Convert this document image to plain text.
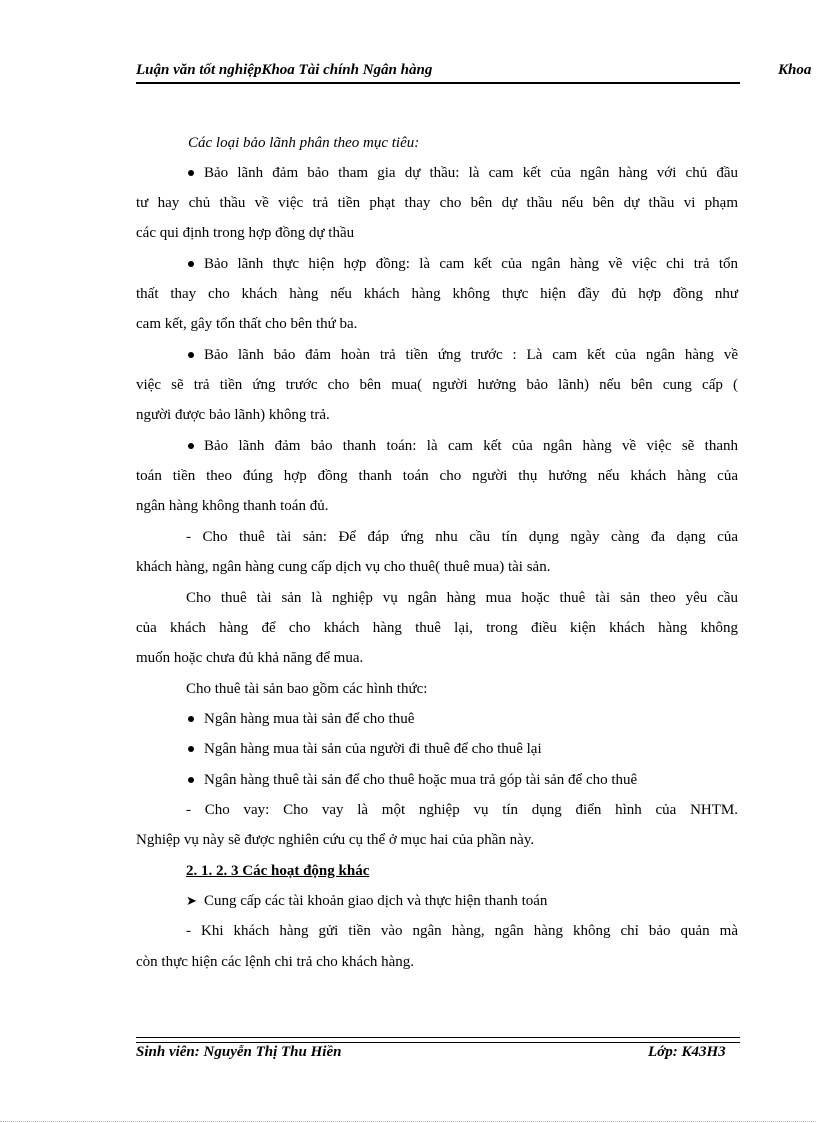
Luận văn tốt nghiệpKhoa Tài chính Ngân hàng	Khoa
Các loại bảo lãnh phân theo mục tiêu:
Bảo lãnh đảm bảo tham gia dự thầu: là cam kết của ngân hàng với chủ đầu
tư hay chủ thầu về việc trả tiền phạt thay cho bên dự thầu nếu bên dự thầu vi phạm
các qui định trong hợp đồng dự thầu
Bảo lãnh thực hiện hợp đồng: là cam kết của ngân hàng về việc chi trả tổn
thất thay cho khách hàng nếu khách hàng không thực hiện đầy đủ hợp đồng như
cam kết, gây tổn thất cho bên thứ ba.
Bảo lãnh bảo đảm hoàn trả tiền ứng trước : Là cam kết của ngân hàng về
việc sẽ trả tiền ứng trước cho bên mua( người hưởng bảo lãnh) nếu bên cung cấp (
người được bảo lãnh) không trả.
Bảo lãnh đảm bảo thanh toán: là cam kết của ngân hàng về việc sẽ thanh
toán tiền theo đúng hợp đồng thanh toán cho người thụ hưởng nếu khách hàng của
ngân hàng không thanh toán đủ.
- Cho thuê tài sản: Để đáp ứng nhu cầu tín dụng ngày càng đa dạng của
khách hàng, ngân hàng cung cấp dịch vụ cho thuê( thuê mua) tài sản.
Cho thuê tài sản là nghiệp vụ ngân hàng mua hoặc thuê tài sản theo yêu cầu
của khách hàng để cho khách hàng thuê lại, trong điều kiện khách hàng không
muốn hoặc chưa đủ khả năng để mua.
Cho thuê tài sản bao gồm các hình thức:
Ngân hàng mua tài sản để cho thuê
Ngân hàng mua tài sản của người đi thuê để cho thuê lại
Ngân hàng thuê tài sản để cho thuê hoặc mua trả góp tài sản để cho thuê
- Cho vay: Cho vay là một nghiệp vụ tín dụng điển hình của NHTM.
Nghiệp vụ này sẽ được nghiên cứu cụ thể ở mục hai của phần này.
2. 1. 2. 3 Các hoạt động khác
➤ Cung cấp các tài khoản giao dịch và thực hiện thanh toán
- Khi khách hàng gửi tiền vào ngân hàng, ngân hàng không chỉ bảo quản mà
còn thực hiện các lệnh chi trả cho khách hàng.
Sinh viên: Nguyễn Thị Thu Hiền	Lớp: K43H3
